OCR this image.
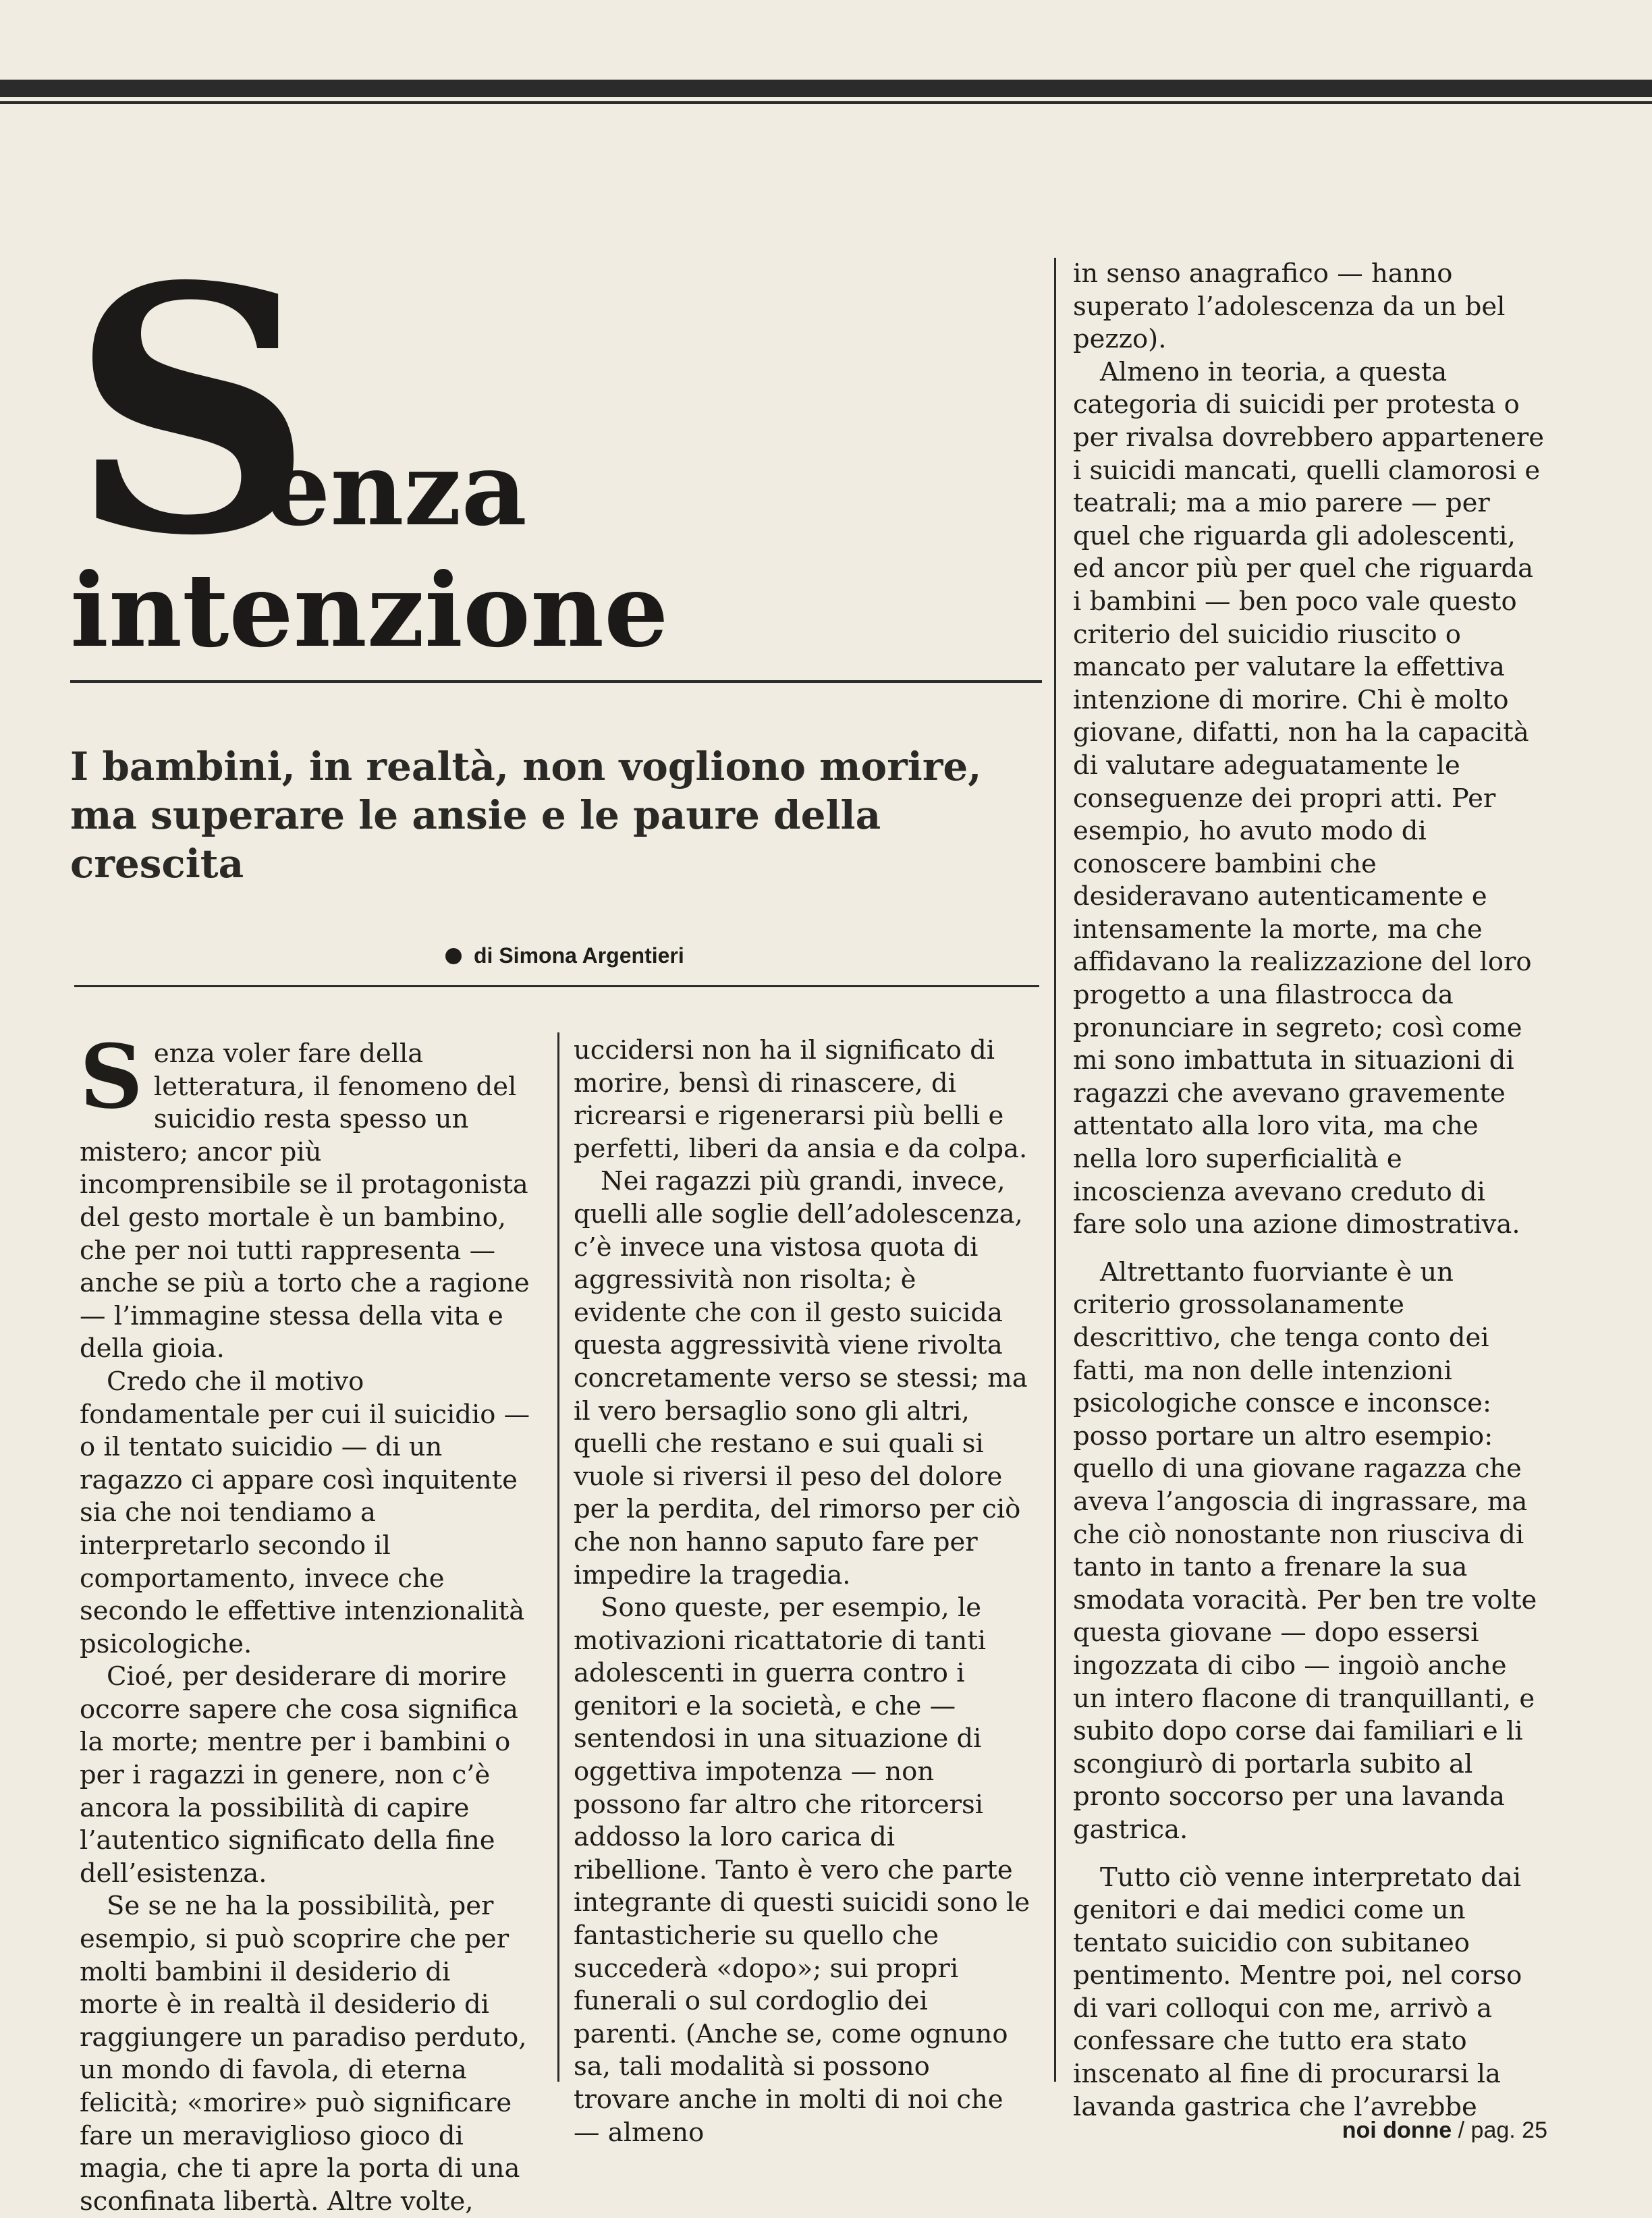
S
enza
intenzione
I bambini, in realtà, non vogliono morire, ma superare le ansie e le paure della crescita
di Simona Argentieri

Senza voler fare della letteratura, il fenomeno del suicidio resta spesso un mistero; ancor più incomprensibile se il protagonista del gesto mortale è un bambino, che per noi tutti rappresenta — anche se più a torto che a ragione — l’immagine stessa della vita e della gioia.

Credo che il motivo fondamentale per cui il suicidio — o il tentato suicidio — di un ragazzo ci appare così inquitente sia che noi tendiamo a interpretarlo secondo il comportamento, invece che secondo le effettive intenzionalità psicologiche.

Cioé, per desiderare di morire occorre sapere che cosa significa la morte; mentre per i bambini o per i ragazzi in genere, non c’è ancora la possibilità di capire l’autentico significato della fine dell’esistenza.

Se se ne ha la possibilità, per esempio, si può scoprire che per molti bambini il desiderio di morte è in realtà il desiderio di raggiungere un paradiso perduto, un mondo di favola, di eterna felicità; «morire» può significare fare un meraviglioso gioco di magia, che ti apre la porta di una sconfinata libertà. Altre volte,

uccidersi non ha il significato di morire, bensì di rinascere, di ricrearsi e rigenerarsi più belli e perfetti, liberi da ansia e da colpa.

Nei ragazzi più grandi, invece, quelli alle soglie dell’adolescenza, c’è invece una vistosa quota di aggressività non risolta; è evidente che con il gesto suicida questa aggressività viene rivolta concretamente verso se stessi; ma il vero bersaglio sono gli altri, quelli che restano e sui quali si vuole si riversi il peso del dolore per la perdita, del rimorso per ciò che non hanno saputo fare per impedire la tragedia.

Sono queste, per esempio, le motivazioni ricattatorie di tanti adolescenti in guerra contro i genitori e la società, e che — sentendosi in una situazione di oggettiva impotenza — non possono far altro che ritorcersi addosso la loro carica di ribellione. Tanto è vero che parte integrante di questi suicidi sono le fantasticherie su quello che succederà «dopo»; sui propri funerali o sul cordoglio dei parenti. (Anche se, come ognuno sa, tali modalità si possono trovare anche in molti di noi che — almeno

in senso anagrafico — hanno superato l’adolescenza da un bel pezzo).

Almeno in teoria, a questa categoria di suicidi per protesta o per rivalsa dovrebbero appartenere i suicidi mancati, quelli clamorosi e teatrali; ma a mio parere — per quel che riguarda gli adolescenti, ed ancor più per quel che riguarda i bambini — ben poco vale questo criterio del suicidio riuscito o mancato per valutare la effettiva intenzione di morire. Chi è molto giovane, difatti, non ha la capacità di valutare adeguatamente le conseguenze dei propri atti. Per esempio, ho avuto modo di conoscere bambini che desideravano autenticamente e intensamente la morte, ma che affidavano la realizzazione del loro progetto a una filastrocca da pronunciare in segreto; così come mi sono imbattuta in situazioni di ragazzi che avevano gravemente attentato alla loro vita, ma che nella loro superficialità e incoscienza avevano creduto di fare solo una azione dimostrativa.

Altrettanto fuorviante è un criterio grossolanamente descrittivo, che tenga conto dei fatti, ma non delle intenzioni psicologiche consce e inconsce: posso portare un altro esempio: quello di una giovane ragazza che aveva l’angoscia di ingrassare, ma che ciò nonostante non riusciva di tanto in tanto a frenare la sua smodata voracità. Per ben tre volte questa giovane — dopo essersi ingozzata di cibo — ingoiò anche un intero flacone di tranquillanti, e subito dopo corse dai familiari e li scongiurò di portarla subito al pronto soccorso per una lavanda gastrica.

Tutto ciò venne interpretato dai genitori e dai medici come un tentato suicidio con subitaneo pentimento. Mentre poi, nel corso di vari colloqui con me, arrivò a confessare che tutto era stato inscenato al fine di procurarsi la lavanda gastrica che l’avrebbe

noi donne / pag. 25
